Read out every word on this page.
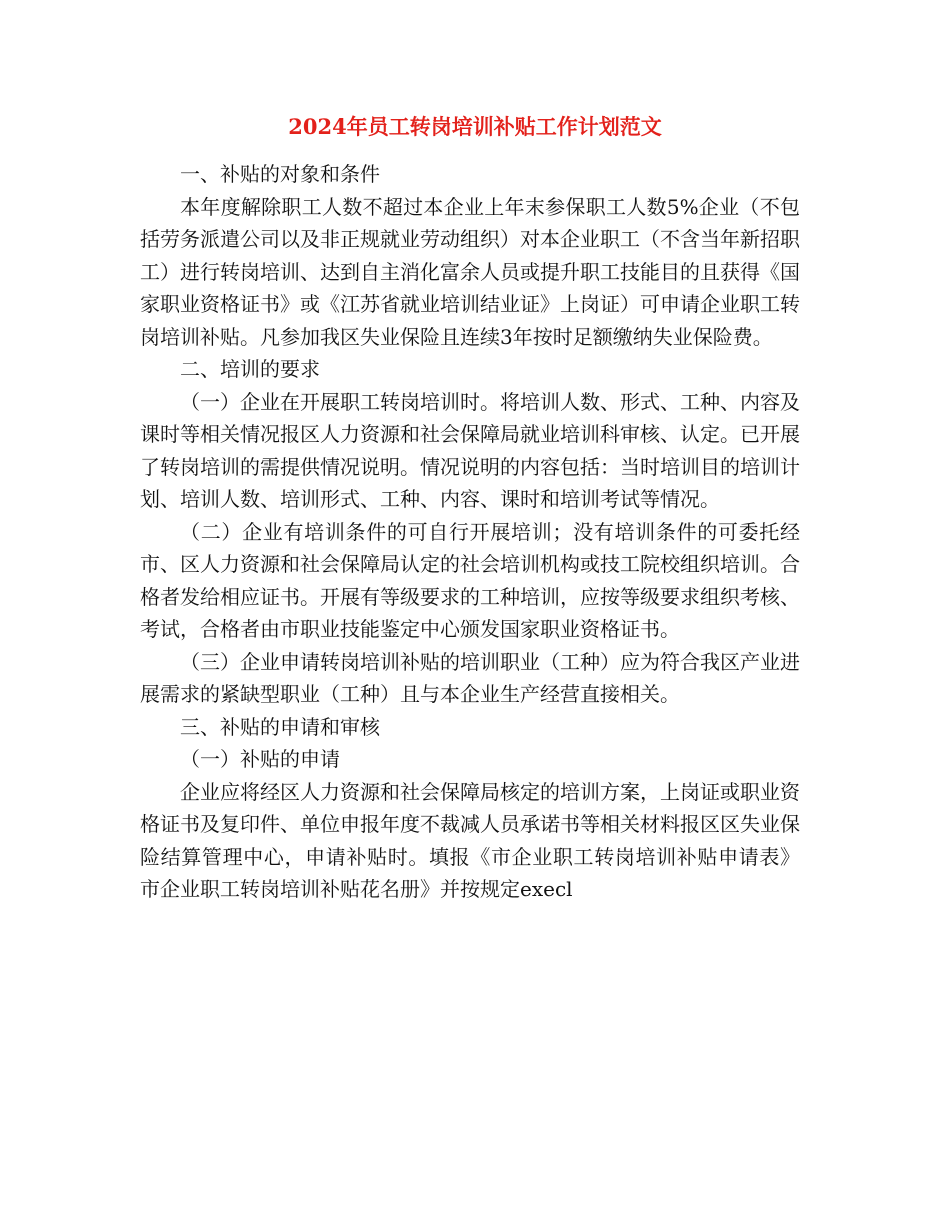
2024年员工转岗培训补贴工作计划范文

一、补贴的对象和条件

本年度解除职工人数不超过本企业上年末参保职工人数5%企业（不包括劳务派遣公司以及非正规就业劳动组织）对本企业职工（不含当年新招职工）进行转岗培训、达到自主消化富余人员或提升职工技能目的且获得《国家职业资格证书》或《江苏省就业培训结业证》上岗证）可申请企业职工转岗培训补贴。凡参加我区失业保险且连续3年按时足额缴纳失业保险费。

二、培训的要求

（一）企业在开展职工转岗培训时。将培训人数、形式、工种、内容及课时等相关情况报区人力资源和社会保障局就业培训科审核、认定。已开展了转岗培训的需提供情况说明。情况说明的内容包括：当时培训目的培训计划、培训人数、培训形式、工种、内容、课时和培训考试等情况。

（二）企业有培训条件的可自行开展培训；没有培训条件的可委托经市、区人力资源和社会保障局认定的社会培训机构或技工院校组织培训。合格者发给相应证书。开展有等级要求的工种培训，应按等级要求组织考核、考试，合格者由市职业技能鉴定中心颁发国家职业资格证书。

（三）企业申请转岗培训补贴的培训职业（工种）应为符合我区产业进展需求的紧缺型职业（工种）且与本企业生产经营直接相关。

三、补贴的申请和审核

（一）补贴的申请

企业应将经区人力资源和社会保障局核定的培训方案，上岗证或职业资格证书及复印件、单位申报年度不裁减人员承诺书等相关材料报区区失业保险结算管理中心，申请补贴时。填报《市企业职工转岗培训补贴申请表》 市企业职工转岗培训补贴花名册》并按规定execl
